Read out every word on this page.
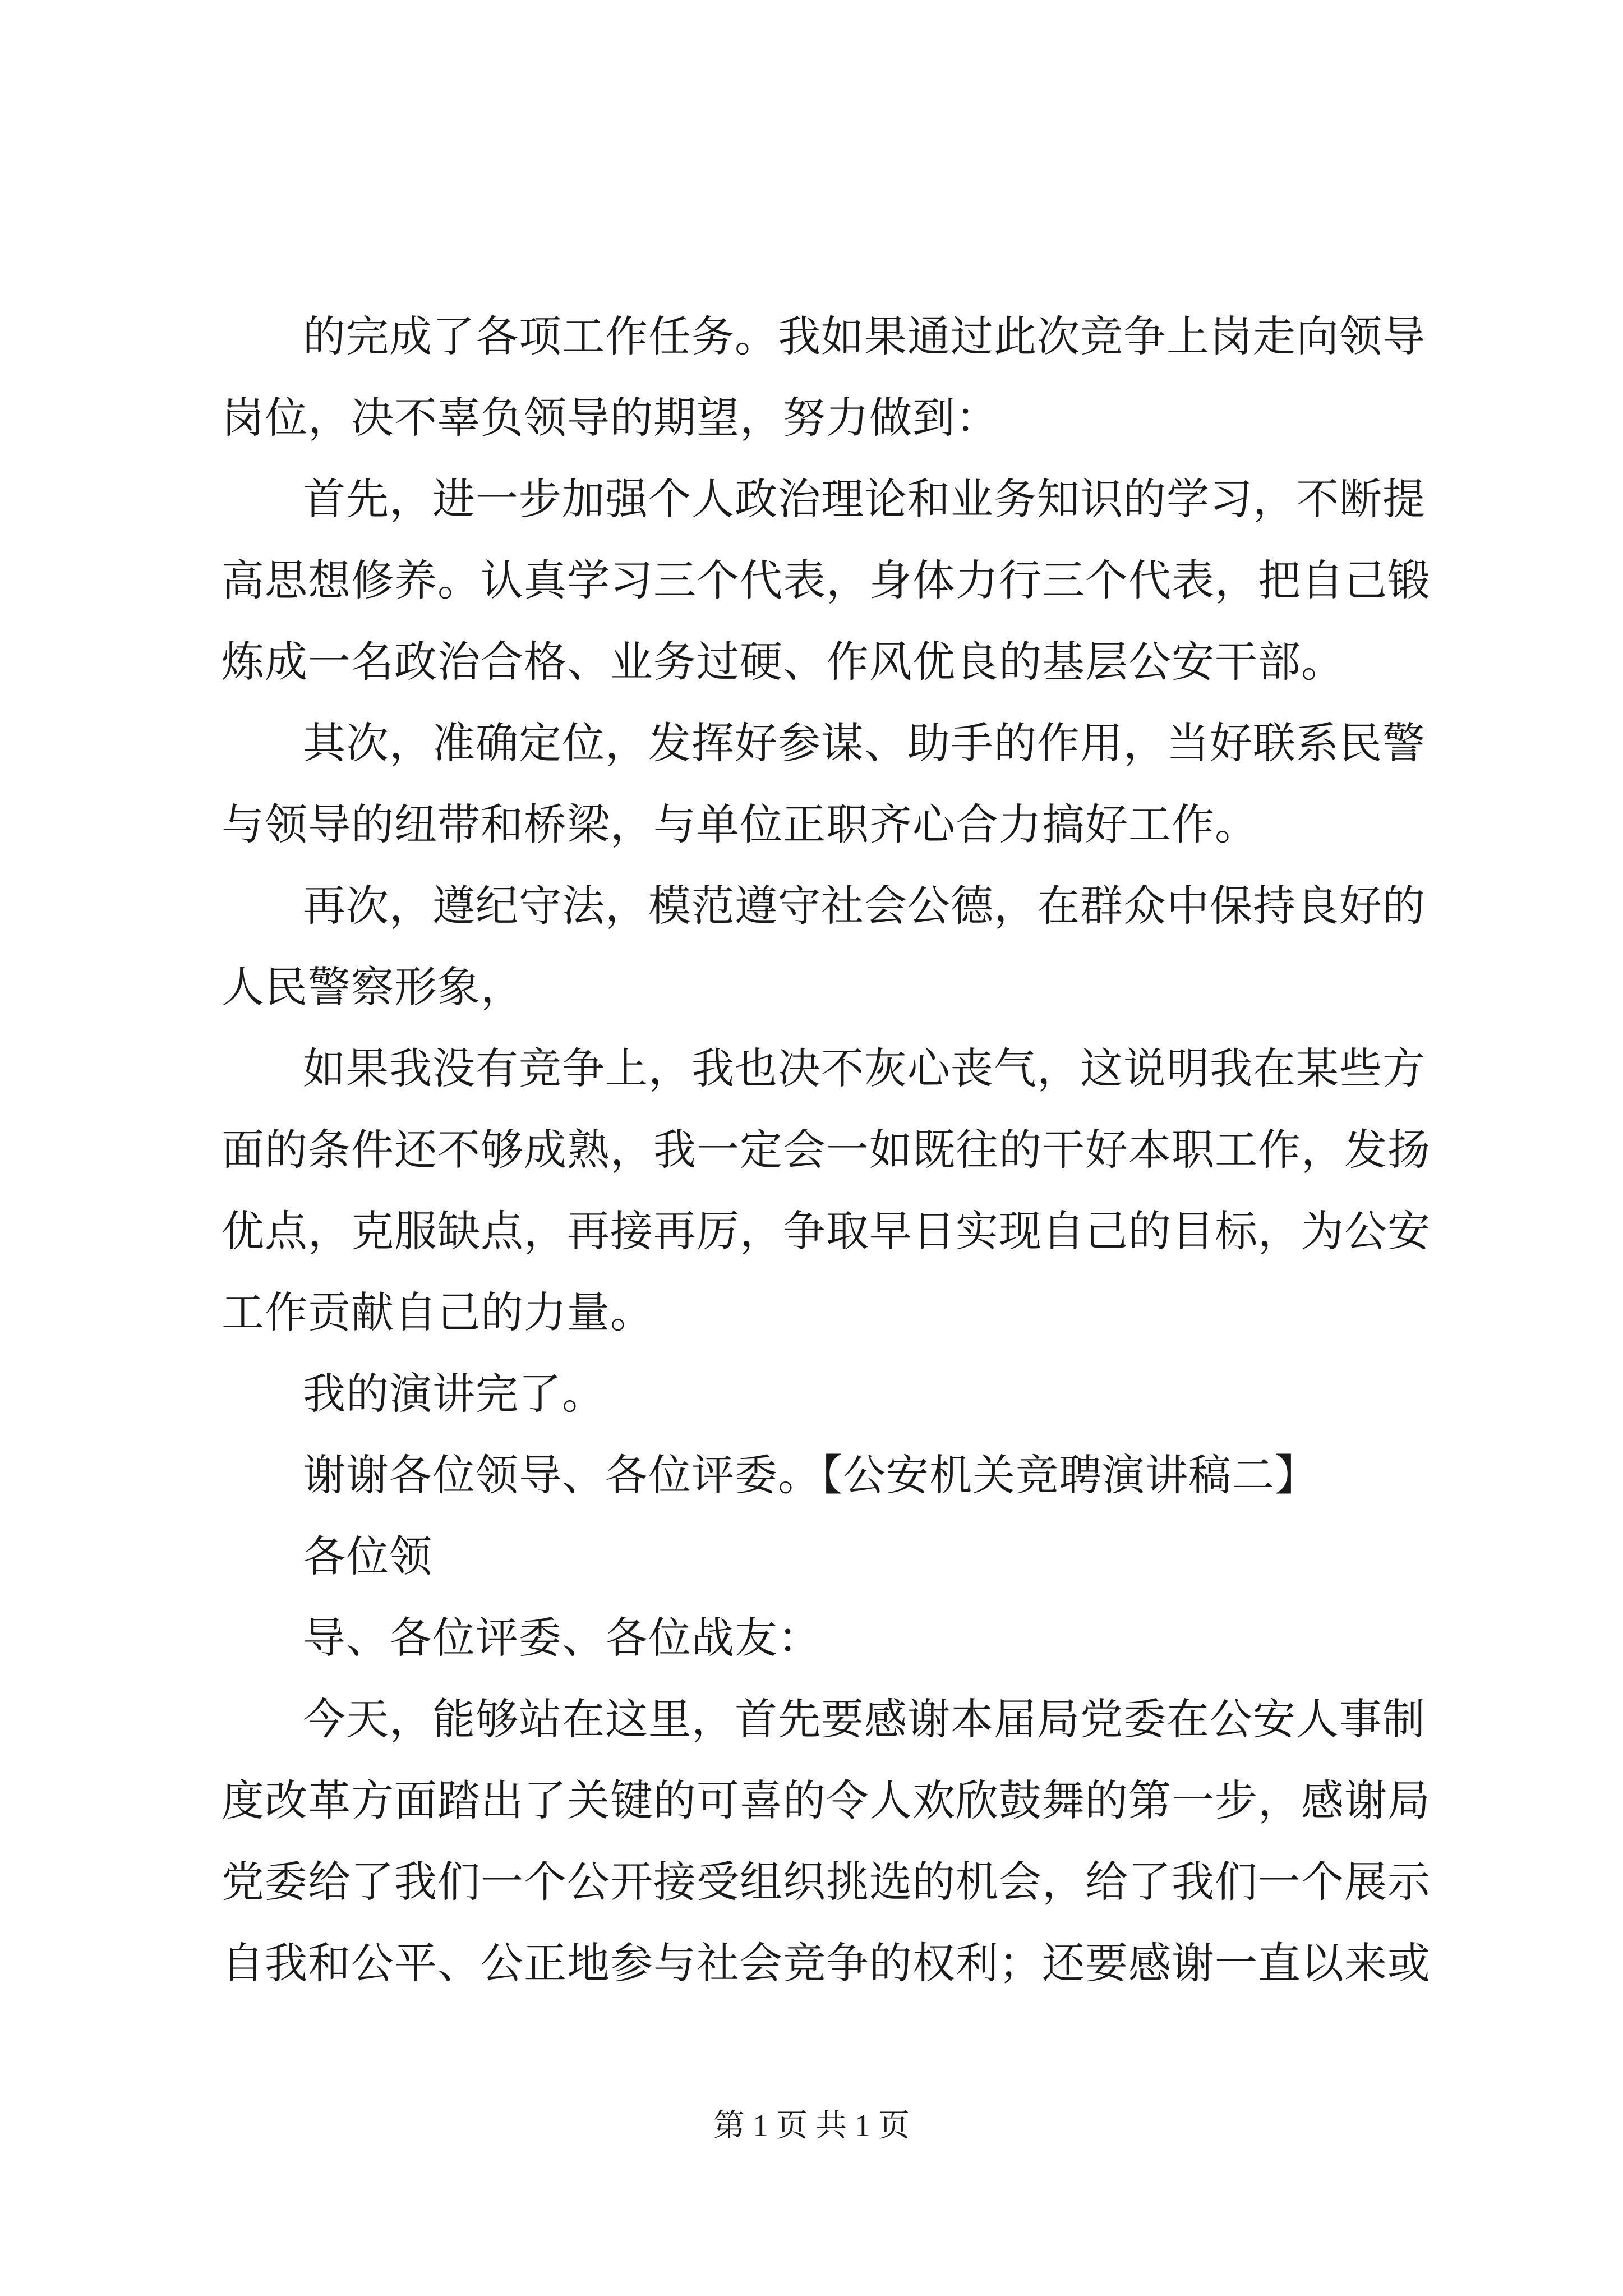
的完成了各项工作任务。我如果通过此次竞争上岗走向领导
岗位，决不辜负领导的期望，努力做到：
首先，进一步加强个人政治理论和业务知识的学习，不断提
高思想修养。认真学习三个代表，身体力行三个代表，把自己锻
炼成一名政治合格、业务过硬、作风优良的基层公安干部。
其次，准确定位，发挥好参谋、助手的作用，当好联系民警
与领导的纽带和桥梁，与单位正职齐心合力搞好工作。
再次，遵纪守法，模范遵守社会公德，在群众中保持良好的
人民警察形象，
如果我没有竞争上，我也决不灰心丧气，这说明我在某些方
面的条件还不够成熟，我一定会一如既往的干好本职工作，发扬
优点，克服缺点，再接再厉，争取早日实现自己的目标，为公安
工作贡献自己的力量。
我的演讲完了。
谢谢各位领导、各位评委。【公安机关竞聘演讲稿二】
各位领
导、各位评委、各位战友：
今天，能够站在这里，首先要感谢本届局党委在公安人事制
度改革方面踏出了关键的可喜的令人欢欣鼓舞的第一步，感谢局
党委给了我们一个公开接受组织挑选的机会，给了我们一个展示
自我和公平、公正地参与社会竞争的权利；还要感谢一直以来或
第 1 页 共 1 页
